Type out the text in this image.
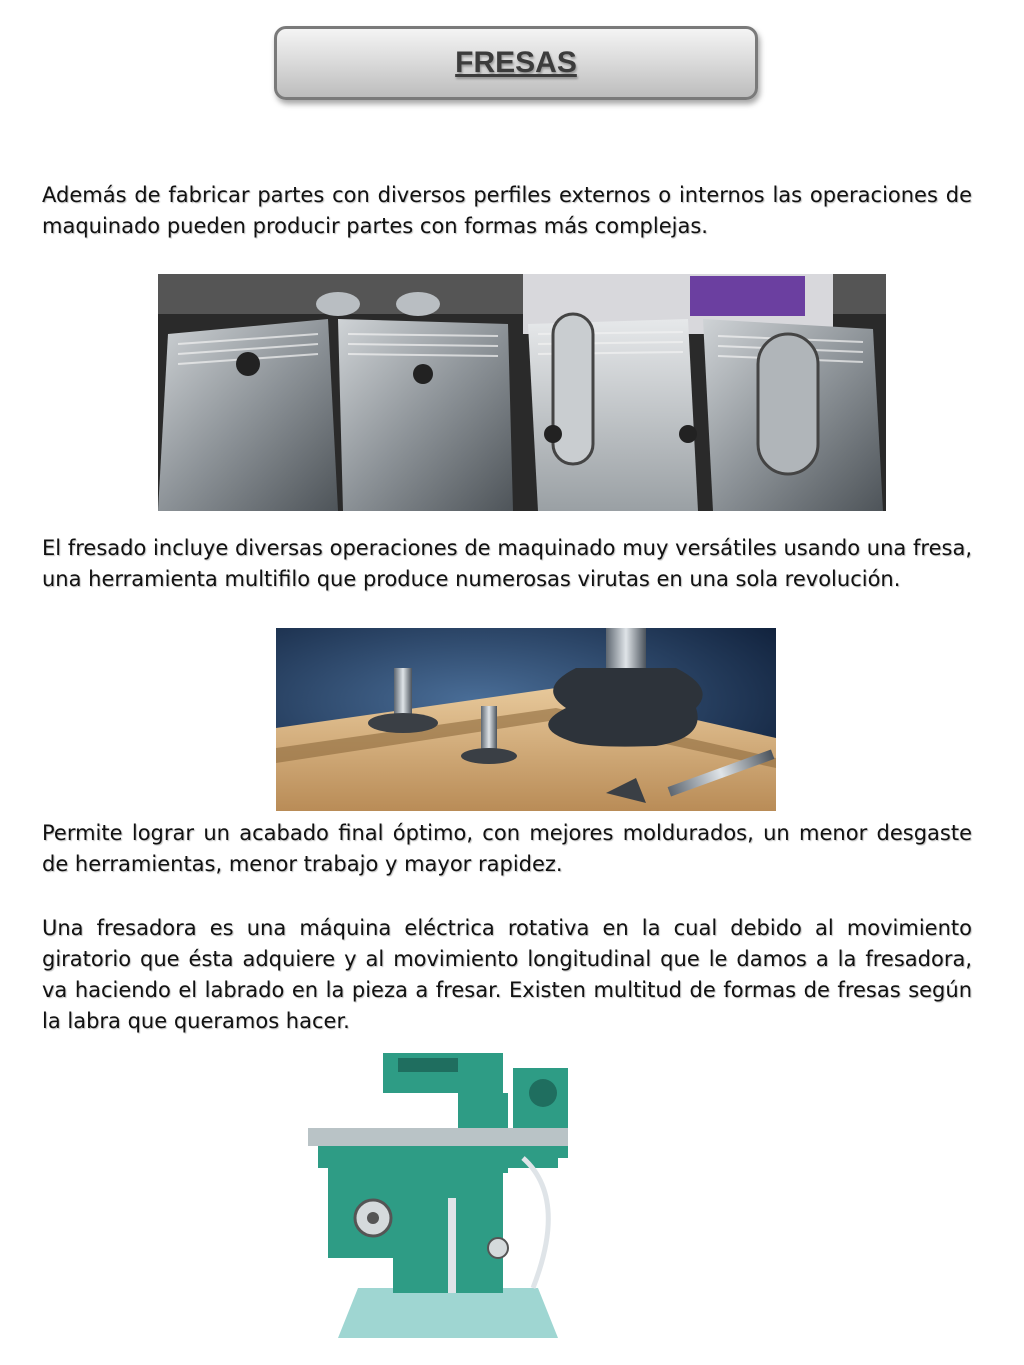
FRESAS

Además de fabricar partes con diversos perfiles externos o internos las operaciones de maquinado pueden producir partes con formas más complejas.

El fresado incluye diversas operaciones de maquinado muy versátiles usando una fresa, una herramienta multifilo que produce numerosas virutas en una sola revolución.

Permite lograr un acabado final óptimo, con mejores moldurados, un menor desgaste de herramientas, menor trabajo y mayor rapidez.

Una fresadora es una máquina eléctrica rotativa en la cual debido al movimiento giratorio que ésta adquiere y al movimiento longitudinal que le damos a la fresadora, va haciendo el labrado en la pieza a fresar. Existen multitud de formas de fresas según la labra que queramos hacer.
